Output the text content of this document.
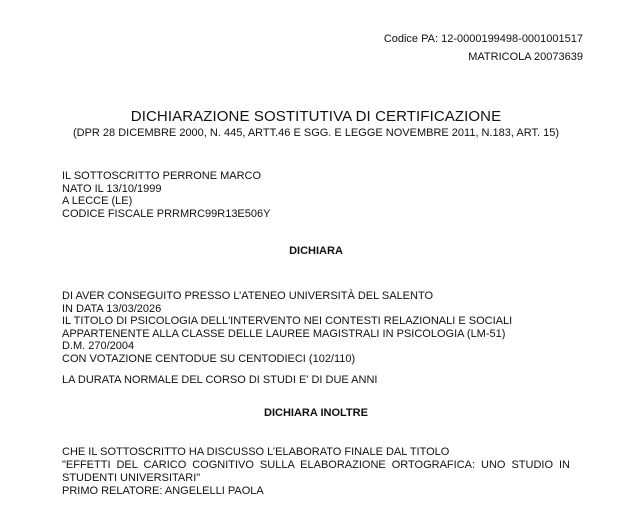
Codice PA: 12-0000199498-0001001517
MATRICOLA 20073639
DICHIARAZIONE SOSTITUTIVA DI CERTIFICAZIONE
(DPR 28 DICEMBRE 2000, N. 445, ARTT.46 E SGG. E LEGGE NOVEMBRE 2011, N.183, ART. 15)
IL SOTTOSCRITTO PERRONE MARCO
NATO IL 13/10/1999
A LECCE (LE)
CODICE FISCALE PRRMRC99R13E506Y
DICHIARA
DI AVER CONSEGUITO PRESSO L’ATENEO UNIVERSITÀ DEL SALENTO
IN DATA 13/03/2026
IL TITOLO DI PSICOLOGIA DELL'INTERVENTO NEI CONTESTI RELAZIONALI E SOCIALI
APPARTENENTE ALLA CLASSE DELLE LAUREE MAGISTRALI IN PSICOLOGIA (LM-51)
D.M. 270/2004
CON VOTAZIONE CENTODUE SU CENTODIECI (102/110)
LA DURATA NORMALE DEL CORSO DI STUDI E' DI DUE ANNI
DICHIARA INOLTRE
CHE IL SOTTOSCRITTO HA DISCUSSO L’ELABORATO FINALE DAL TITOLO
"EFFETTI DEL CARICO COGNITIVO SULLA ELABORAZIONE ORTOGRAFICA: UNO STUDIO IN
STUDENTI UNIVERSITARI"
PRIMO RELATORE: ANGELELLI PAOLA
